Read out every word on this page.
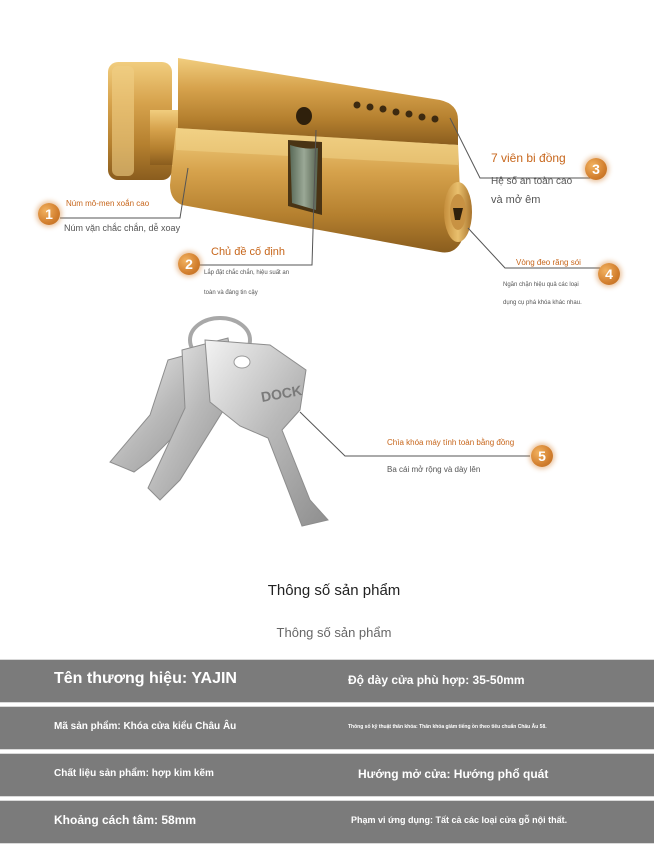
DOCK
1
Núm mô-men xoắn cao
Núm vặn chắc chắn, dễ xoay
2
Chủ đề cố định
Lắp đặt chắc chắn, hiệu suất an
toàn và đáng tin cậy
3
7 viên bi đồng
Hệ số an toàn cao
và mở êm
4
Vòng đeo răng sói
Ngăn chặn hiệu quả các loại
dụng cụ phá khóa khác nhau.
5
Chìa khóa máy tính toàn bằng đồng
Ba cái mở rộng và dày lên
Thông số sản phẩm
Thông số sản phẩm
Tên thương hiệu: YAJIN	Độ dày cửa phù hợp: 35-50mm
Mã sản phẩm: Khóa cửa kiểu Châu Âu	Thông số kỹ thuật thân khóa: Thân khóa giảm tiếng ồn theo tiêu chuẩn Châu Âu 58.
Chất liệu sản phẩm: hợp kim kẽm	Hướng mở cửa: Hướng phổ quát
Khoảng cách tâm: 58mm	Phạm vi ứng dụng: Tất cả các loại cửa gỗ nội thất.
